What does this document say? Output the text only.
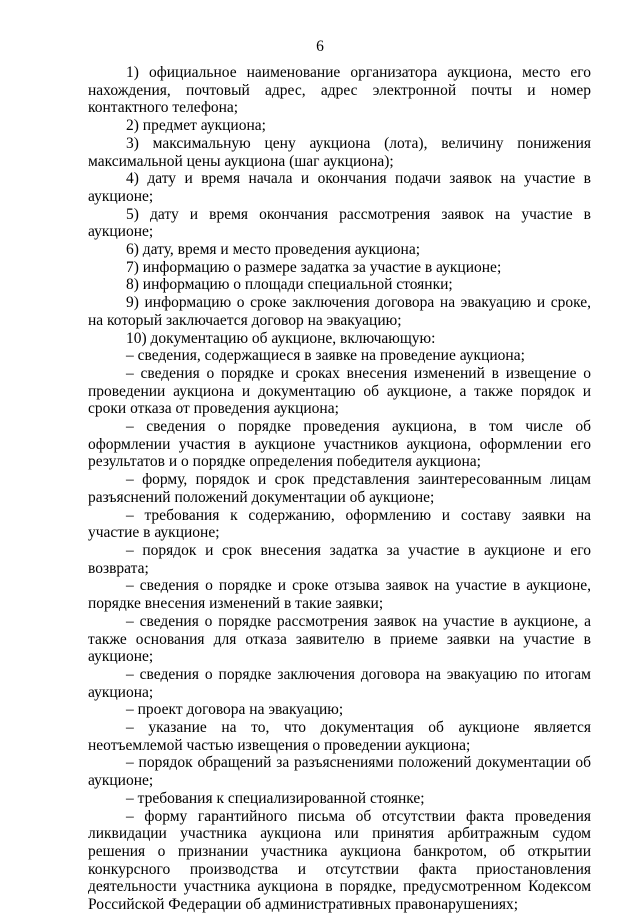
6

1) официальное наименование организатора аукциона, место его нахождения, почтовый адрес, адрес электронной почты и номер контактного телефона;

2) предмет аукциона;

3) максимальную цену аукциона (лота), величину понижения максимальной цены аукциона (шаг аукциона);

4) дату и время начала и окончания подачи заявок на участие в аукционе;

5) дату и время окончания рассмотрения заявок на участие в аукционе;

6) дату, время и место проведения аукциона;

7) информацию о размере задатка за участие в аукционе;

8) информацию о площади специальной стоянки;

9) информацию о сроке заключения договора на эвакуацию и сроке, на который заключается договор на эвакуацию;

10) документацию об аукционе, включающую:

– сведения, содержащиеся в заявке на проведение аукциона;

– сведения о порядке и сроках внесения изменений в извещение о проведении аукциона и документацию об аукционе, а также порядок и сроки отказа от проведения аукциона;

– сведения о порядке проведения аукциона, в том числе об оформлении участия в аукционе участников аукциона, оформлении его результатов и о порядке определения победителя аукциона;

– форму, порядок и срок представления заинтересованным лицам разъяснений положений документации об аукционе;

– требования к содержанию, оформлению и составу заявки на участие в аукционе;

– порядок и срок внесения задатка за участие в аукционе и его возврата;

– сведения о порядке и сроке отзыва заявок на участие в аукционе, порядке внесения изменений в такие заявки;

– сведения о порядке рассмотрения заявок на участие в аукционе, а также основания для отказа заявителю в приеме заявки на участие в аукционе;

– сведения о порядке заключения договора на эвакуацию по итогам аукциона;

– проект договора на эвакуацию;

– указание на то, что документация об аукционе является неотъемлемой частью извещения о проведении аукциона;

– порядок обращений за разъяснениями положений документации об аукционе;

– требования к специализированной стоянке;

– форму гарантийного письма об отсутствии факта проведения ликвидации участника аукциона или принятия арбитражным судом решения о признании участника аукциона банкротом, об открытии конкурсного производства и отсутствии факта приостановления деятельности участника аукциона в порядке, предусмотренном Кодексом Российской Федерации об административных правонарушениях;
